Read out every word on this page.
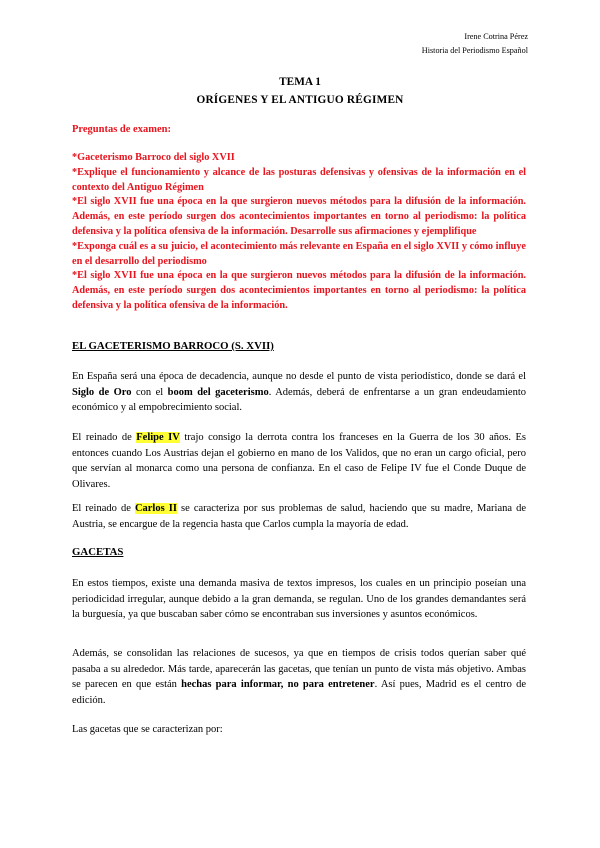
Irene Cotrina Pérez
Historia del Periodismo Español
TEMA 1
ORÍGENES Y EL ANTIGUO RÉGIMEN
Preguntas de examen:

*Gaceterismo Barroco del siglo XVII

*Explique el funcionamiento y alcance de las posturas defensivas y ofensivas de la información en el contexto del Antiguo Régimen

*El siglo XVII fue una época en la que surgieron nuevos métodos para la difusión de la información. Además, en este período surgen dos acontecimientos importantes en torno al periodismo: la política defensiva y la política ofensiva de la información. Desarrolle sus afirmaciones y ejemplifique

*Exponga cuál es a su juicio, el acontecimiento más relevante en España en el siglo XVII y cómo influye en el desarrollo del periodismo

*El siglo XVII fue una época en la que surgieron nuevos métodos para la difusión de la información. Además, en este período surgen dos acontecimientos importantes en torno al periodismo: la política defensiva y la política ofensiva de la información.

EL GACETERISMO BARROCO (S. XVII)

En España será una época de decadencia, aunque no desde el punto de vista periodístico, donde se dará el Siglo de Oro con el boom del gaceterismo. Además, deberá de enfrentarse a un gran endeudamiento económico y al empobrecimiento social.

El reinado de Felipe IV trajo consigo la derrota contra los franceses en la Guerra de los 30 años. Es entonces cuando Los Austrias dejan el gobierno en mano de los Validos, que no eran un cargo oficial, pero que servían al monarca como una persona de confianza. En el caso de Felipe IV fue el Conde Duque de Olivares.

El reinado de Carlos II se caracteriza por sus problemas de salud, haciendo que su madre, Mariana de Austria, se encargue de la regencia hasta que Carlos cumpla la mayoría de edad.

GACETAS

En estos tiempos, existe una demanda masiva de textos impresos, los cuales en un principio poseían una periodicidad irregular, aunque debido a la gran demanda, se regulan. Uno de los grandes demandantes será la burguesía, ya que buscaban saber cómo se encontraban sus inversiones y asuntos económicos.

Además, se consolidan las relaciones de sucesos, ya que en tiempos de crisis todos querían saber qué pasaba a su alrededor. Más tarde, aparecerán las gacetas, que tenían un punto de vista más objetivo. Ambas se parecen en que están hechas para informar, no para entretener. Así pues, Madrid es el centro de edición.

Las gacetas que se caracterizan por:
